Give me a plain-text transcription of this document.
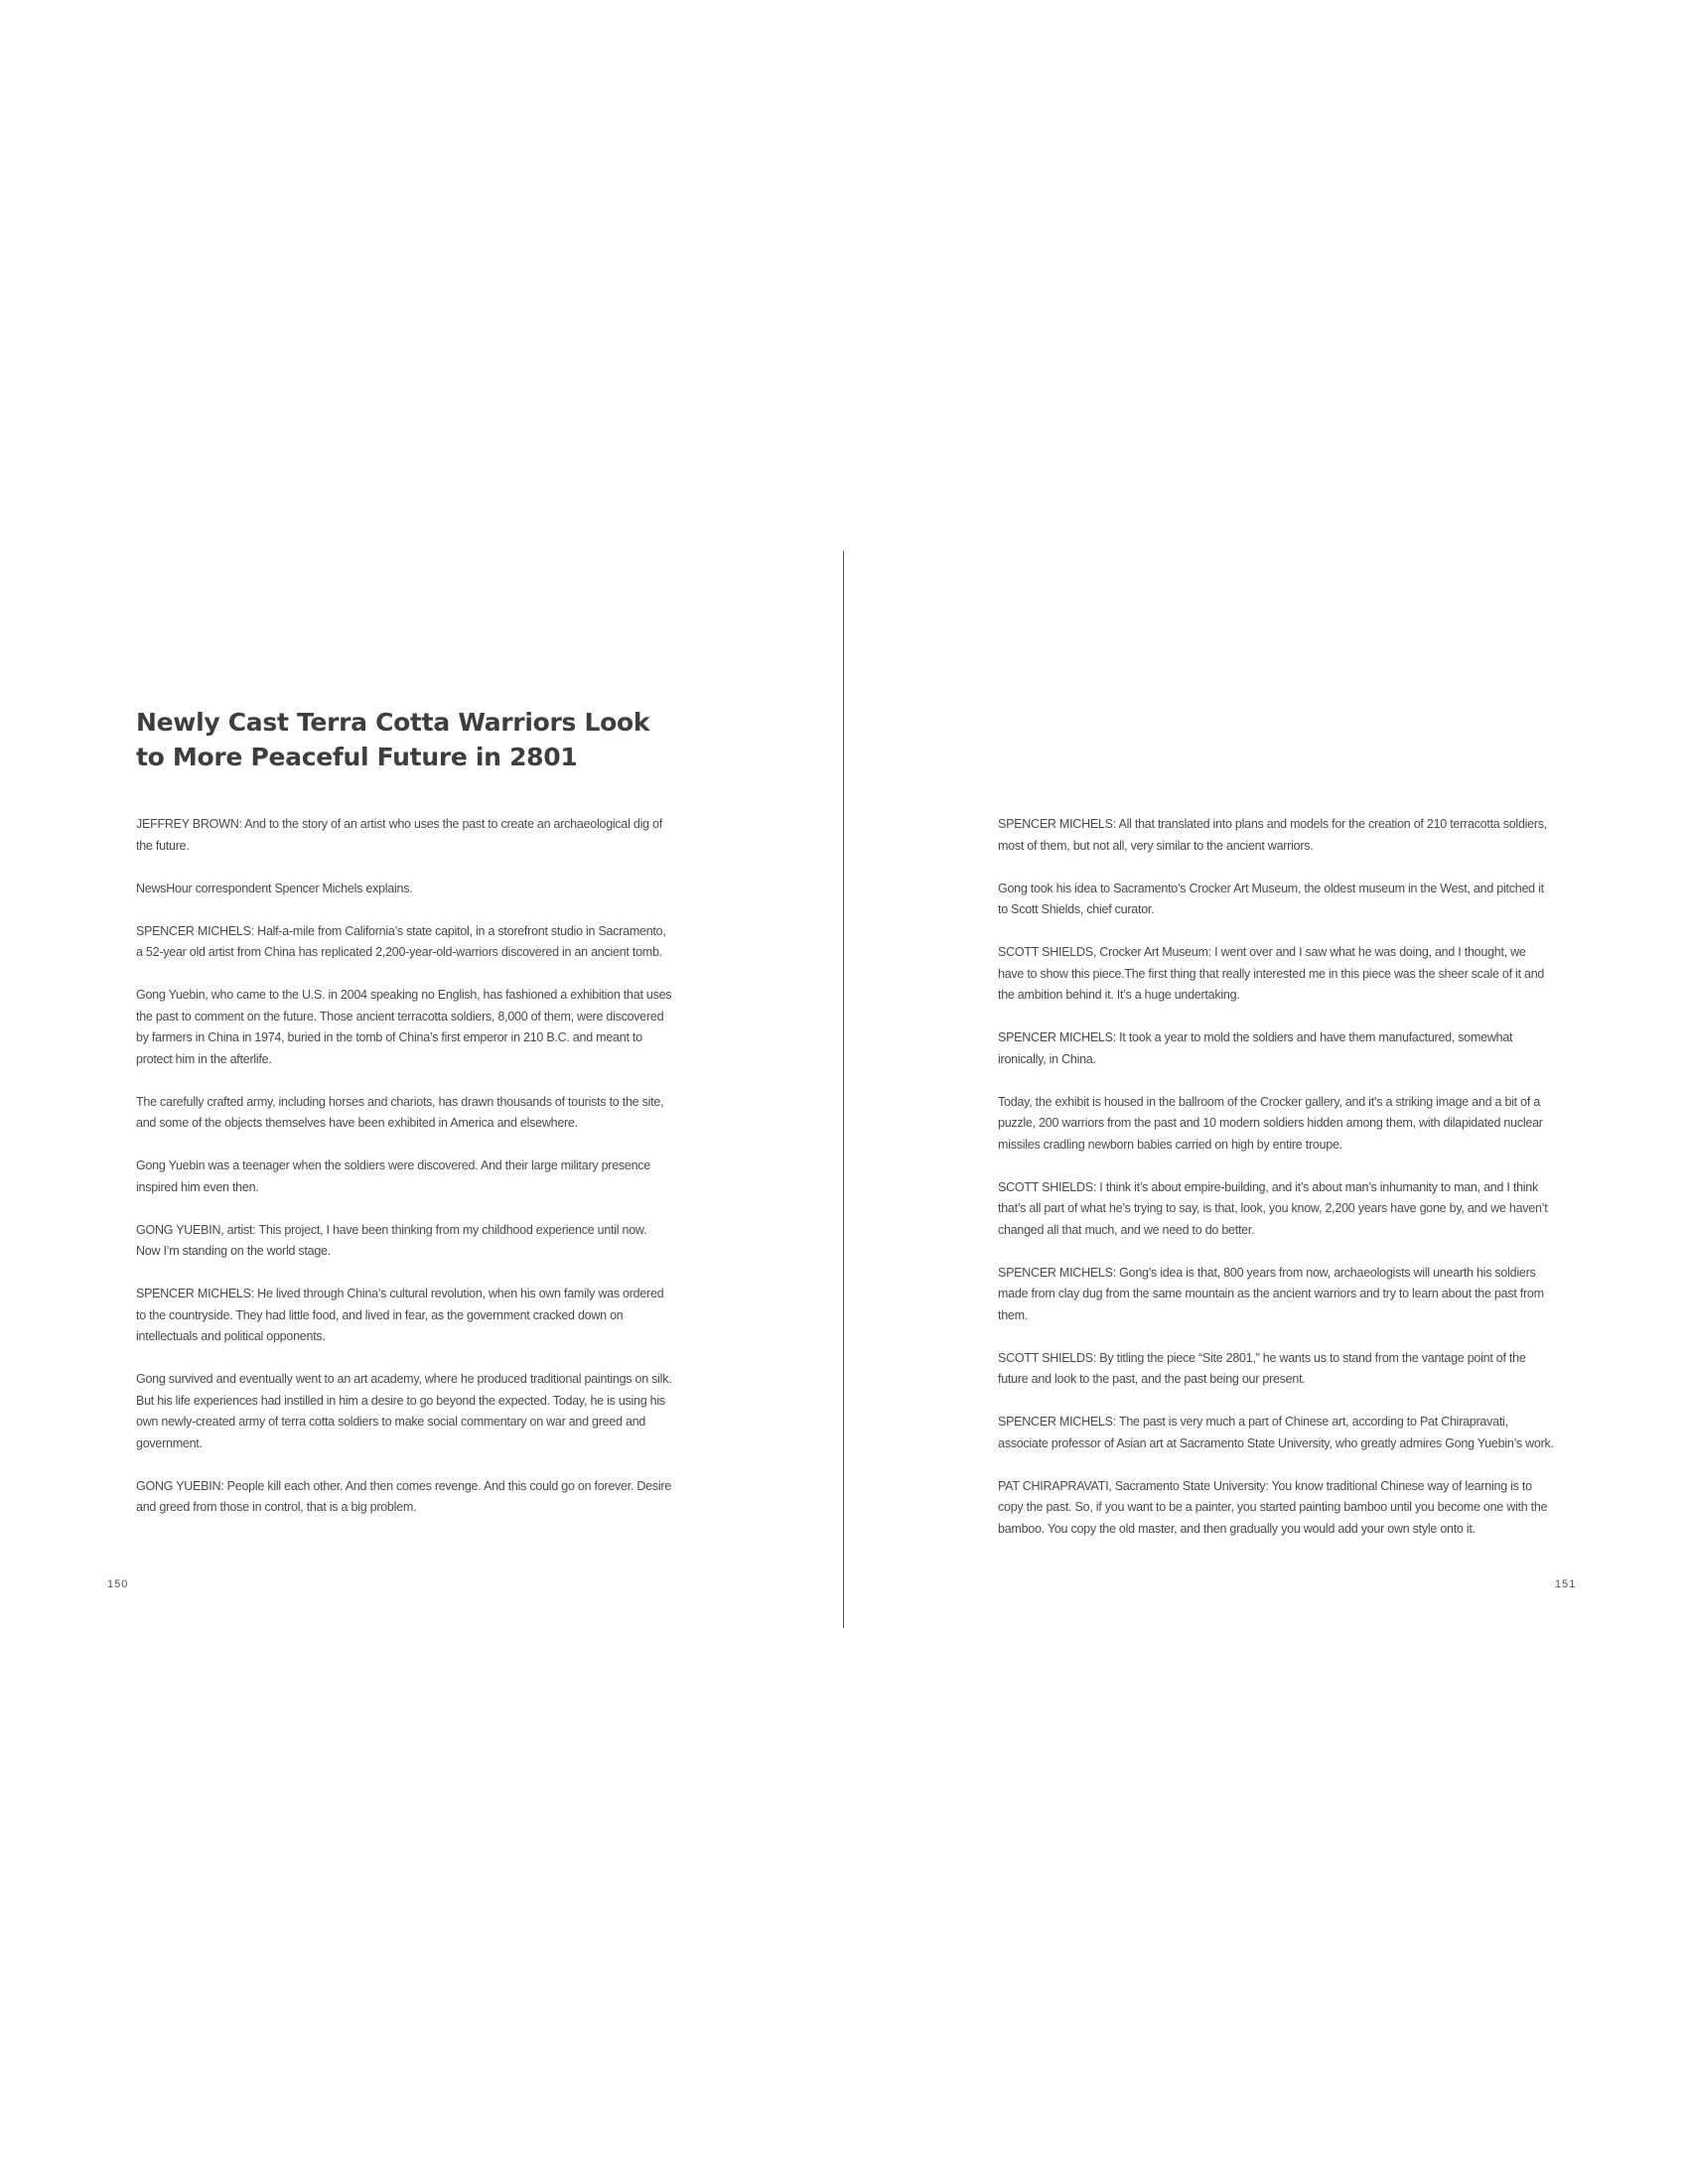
Newly Cast Terra Cotta Warriors Look
to More Peaceful Future in 2801

JEFFREY BROWN: And to the story of an artist who uses the past to create an archaeological dig of the future.

NewsHour correspondent Spencer Michels explains.

SPENCER MICHELS: Half-a-mile from California’s state capitol, in a storefront studio in Sacramento, a 52-year old artist from China has replicated 2,200-year-old-warriors discovered in an ancient tomb.

Gong Yuebin, who came to the U.S. in 2004 speaking no English, has fashioned a exhibition that uses the past to comment on the future. Those ancient terracotta soldiers, 8,000 of them, were discovered by farmers in China in 1974, buried in the tomb of China’s first emperor in 210 B.C. and meant to protect him in the afterlife.

The carefully crafted army, including horses and chariots, has drawn thousands of tourists to the site, and some of the objects themselves have been exhibited in America and elsewhere.

Gong Yuebin was a teenager when the soldiers were discovered. And their large military presence inspired him even then.

GONG YUEBIN, artist: This project, I have been thinking from my childhood experience until now. Now I’m standing on the world stage.

SPENCER MICHELS: He lived through China’s cultural revolution, when his own family was ordered to the countryside. They had little food, and lived in fear, as the government cracked down on intellectuals and political opponents.

Gong survived and eventually went to an art academy, where he produced traditional paintings on silk. But his life experiences had instilled in him a desire to go beyond the expected. Today, he is using his own newly-created army of terra cotta soldiers to make social commentary on war and greed and government.

GONG YUEBIN: People kill each other. And then comes revenge. And this could go on forever. Desire and greed from those in control, that is a big problem.

SPENCER MICHELS: All that translated into plans and models for the creation of 210 terracotta soldiers, most of them, but not all, very similar to the ancient warriors.

Gong took his idea to Sacramento’s Crocker Art Museum, the oldest museum in the West, and pitched it to Scott Shields, chief curator.

SCOTT SHIELDS, Crocker Art Museum: I went over and I saw what he was doing, and I thought, we have to show this piece.The first thing that really interested me in this piece was the sheer scale of it and the ambition behind it. It’s a huge undertaking.

SPENCER MICHELS: It took a year to mold the soldiers and have them manufactured, somewhat ironically, in China.

Today, the exhibit is housed in the ballroom of the Crocker gallery, and it’s a striking image and a bit of a puzzle, 200 warriors from the past and 10 modern soldiers hidden among them, with dilapidated nuclear missiles cradling newborn babies carried on high by entire troupe.

SCOTT SHIELDS: I think it’s about empire-building, and it’s about man’s inhumanity to man, and I think that’s all part of what he’s trying to say, is that, look, you know, 2,200 years have gone by, and we haven’t changed all that much, and we need to do better.

SPENCER MICHELS: Gong’s idea is that, 800 years from now, archaeologists will unearth his soldiers made from clay dug from the same mountain as the ancient warriors and try to learn about the past from them.

SCOTT SHIELDS: By titling the piece “Site 2801,” he wants us to stand from the vantage point of the future and look to the past, and the past being our present.

SPENCER MICHELS: The past is very much a part of Chinese art, according to Pat Chirapravati, associate professor of Asian art at Sacramento State University, who greatly admires Gong Yuebin’s work.

PAT CHIRAPRAVATI, Sacramento State University: You know traditional Chinese way of learning is to copy the past. So, if you want to be a painter, you started painting bamboo until you become one with the bamboo. You copy the old master, and then gradually you would add your own style onto it.

150	151
